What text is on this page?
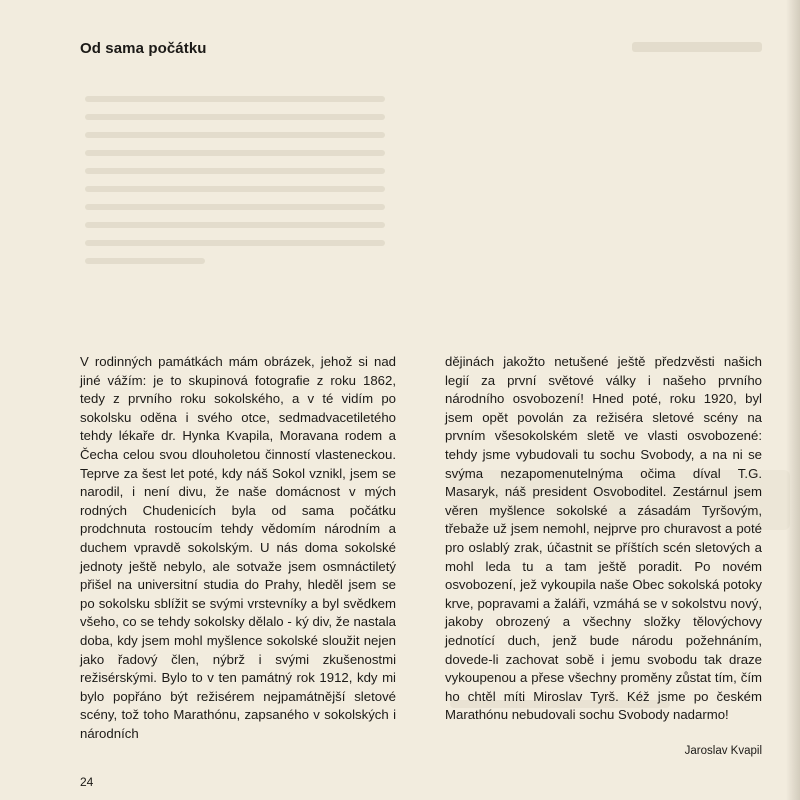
Od sama počátku

V rodinných památkách mám obrázek, jehož si nad jiné vážím: je to skupinová fotografie z roku 1862, tedy z prvního roku sokolského, a v té vidím po sokolsku oděna i svého otce, sedmadvacetiletého tehdy lékaře dr. Hynka Kvapila, Moravana rodem a Čecha celou svou dlouholetou činností vlasteneckou. Teprve za šest let poté, kdy náš Sokol vznikl, jsem se narodil, i není divu, že naše domácnost v mých rodných Chudenicích byla od sama počátku prodchnuta rostoucím tehdy vědomím národním a duchem vpravdě sokolským. U nás doma sokolské jednoty ještě nebylo, ale sotvaže jsem osmnáctiletý přišel na universitní studia do Prahy, hleděl jsem se po sokolsku sblížit se svými vrstevníky a byl svědkem všeho, co se tehdy sokolsky dělalo - ký div, že nastala doba, kdy jsem mohl myšlence sokolské sloužit nejen jako řadový člen, nýbrž i svými zkušenostmi režisérskými. Bylo to v ten památný rok 1912, kdy mi bylo popřáno být režisérem nejpamátnější sletové scény, tož toho Marathónu, zapsaného v sokolských i národních

dějinách jakožto netušené ještě předzvěsti našich legií za první světové války i našeho prvního národního osvobození! Hned poté, roku 1920, byl jsem opět povolán za režiséra sletové scény na prvním všesokolském sletě ve vlasti osvobozené: tehdy jsme vybudovali tu sochu Svobody, a na ni se svýma nezapomenutelnýma očima díval T.G. Masaryk, náš president Osvoboditel. Zestárnul jsem věren myšlence sokolské a zásadám Tyršovým, třebaže už jsem nemohl, nejprve pro churavost a poté pro oslablý zrak, účastnit se příštích scén sletových a mohl leda tu a tam ještě poradit. Po novém osvobození, jež vykoupila naše Obec sokolská potoky krve, popravami a žaláři, vzmáhá se v sokolstvu nový, jakoby obrozený a všechny složky tělovýchovy jednotící duch, jenž bude národu požehnáním, dovede-li zachovat sobě i jemu svobodu tak draze vykoupenou a přese všechny proměny zůstat tím, čím ho chtěl míti Miroslav Tyrš. Kéž jsme po českém Marathónu nebudovali sochu Svobody nadarmo!

Jaroslav Kvapil
24
